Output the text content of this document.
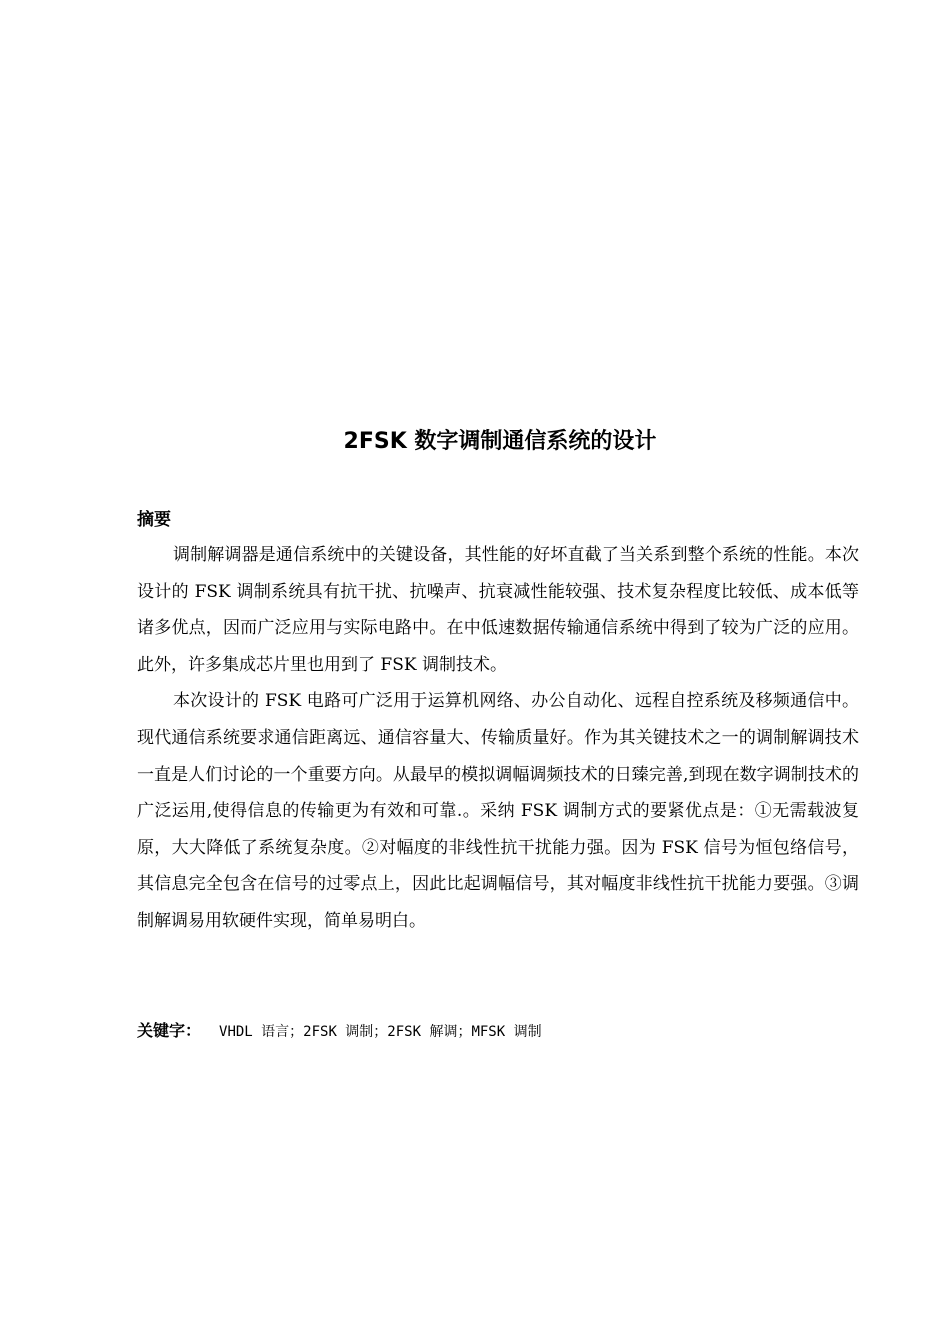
2FSK 数字调制通信系统的设计
摘要

调制解调器是通信系统中的关键设备，其性能的好坏直截了当关系到整个系统的性能。本次设计的 FSK 调制系统具有抗干扰、抗噪声、抗衰减性能较强、技术复杂程度比较低、成本低等诸多优点，因而广泛应用与实际电路中。在中低速数据传输通信系统中得到了较为广泛的应用。此外，许多集成芯片里也用到了 FSK 调制技术。

本次设计的 FSK 电路可广泛用于运算机网络、办公自动化、远程自控系统及移频通信中。现代通信系统要求通信距离远、通信容量大、传输质量好。作为其关键技术之一的调制解调技术一直是人们讨论的一个重要方向。从最早的模拟调幅调频技术的日臻完善,到现在数字调制技术的广泛运用,使得信息的传输更为有效和可靠.。采纳 FSK 调制方式的要紧优点是：①无需载波复原，大大降低了系统复杂度。②对幅度的非线性抗干扰能力强。因为 FSK 信号为恒包络信号，其信息完全包含在信号的过零点上，因此比起调幅信号，其对幅度非线性抗干扰能力要强。③调制解调易用软硬件实现，简单易明白。

关键字： VHDL 语言；2FSK 调制；2FSK 解调；MFSK 调制
